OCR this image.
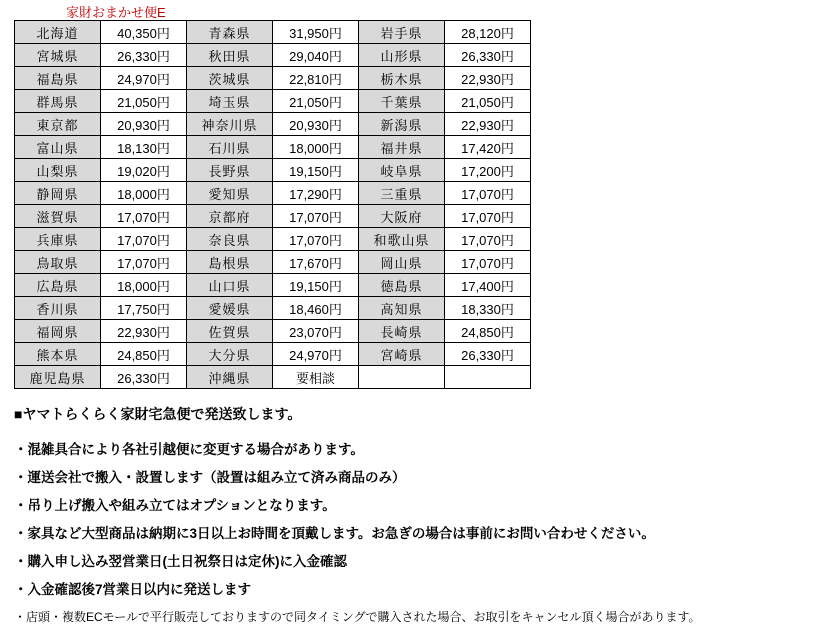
家財おまかせ便E
北海道	40,350円	青森県	31,950円	岩手県	28,120円
宮城県	26,330円	秋田県	29,040円	山形県	26,330円
福島県	24,970円	茨城県	22,810円	栃木県	22,930円
群馬県	21,050円	埼玉県	21,050円	千葉県	21,050円
東京都	20,930円	神奈川県	20,930円	新潟県	22,930円
富山県	18,130円	石川県	18,000円	福井県	17,420円
山梨県	19,020円	長野県	19,150円	岐阜県	17,200円
静岡県	18,000円	愛知県	17,290円	三重県	17,070円
滋賀県	17,070円	京都府	17,070円	大阪府	17,070円
兵庫県	17,070円	奈良県	17,070円	和歌山県	17,070円
鳥取県	17,070円	島根県	17,670円	岡山県	17,070円
広島県	18,000円	山口県	19,150円	徳島県	17,400円
香川県	17,750円	愛媛県	18,460円	高知県	18,330円
福岡県	22,930円	佐賀県	23,070円	長崎県	24,850円
熊本県	24,850円	大分県	24,970円	宮崎県	26,330円
鹿児島県	26,330円	沖縄県	要相談		

■ヤマトらくらく家財宅急便で発送致します。

・混雑具合により各社引越便に変更する場合があります。

・運送会社で搬入・設置します（設置は組み立て済み商品のみ）

・吊り上げ搬入や組み立てはオプションとなります。

・家具など大型商品は納期に3日以上お時間を頂戴します。お急ぎの場合は事前にお問い合わせください。

・購入申し込み翌営業日(土日祝祭日は定休)に入金確認

・入金確認後7営業日以内に発送します

・店頭・複数ECモールで平行販売しておりますので同タイミングで購入された場合、お取引をキャンセル頂く場合があります。
